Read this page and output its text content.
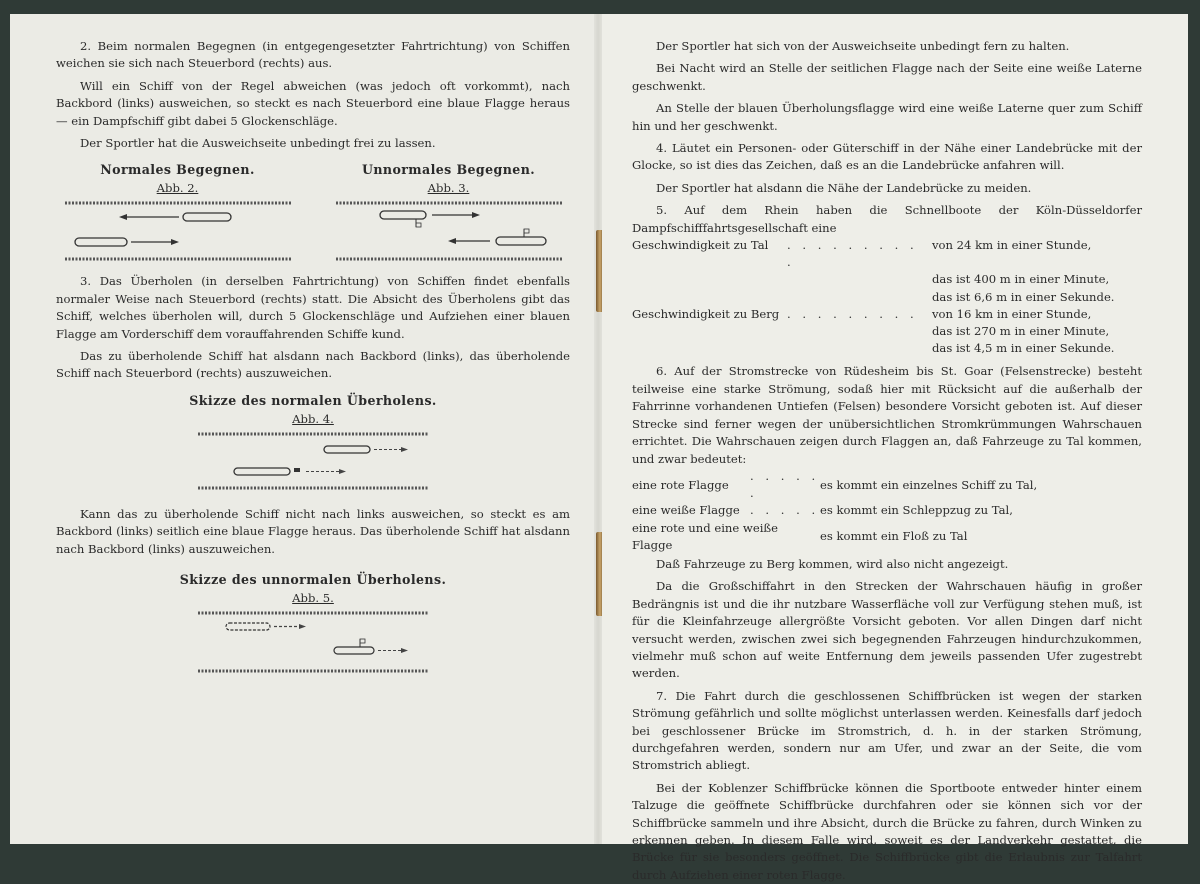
2. Beim normalen Begegnen (in entgegengesetzter Fahrtrichtung) von Schiffen weichen sie sich nach Steuerbord (rechts) aus.

Will ein Schiff von der Regel abweichen (was jedoch oft vorkommt), nach Backbord (links) ausweichen, so steckt es nach Steuerbord eine blaue Flagge heraus — ein Dampfschiff gibt dabei 5 Glockenschläge.

Der Sportler hat die Ausweichseite unbedingt frei zu lassen.

Normales Begegnen.
Abb. 2.
Unnormales Begegnen.
Abb. 3.

3. Das Überholen (in derselben Fahrtrichtung) von Schiffen findet ebenfalls normaler Weise nach Steuerbord (rechts) statt. Die Absicht des Überholens gibt das Schiff, welches überholen will, durch 5 Glockenschläge und Aufziehen einer blauen Flagge am Vorderschiff dem vorauffahrenden Schiffe kund.

Das zu überholende Schiff hat alsdann nach Backbord (links), das überholende Schiff nach Steuerbord (rechts) auszuweichen.

Skizze des normalen Überholens.
Abb. 4.

Kann das zu überholende Schiff nicht nach links ausweichen, so steckt es am Backbord (links) seitlich eine blaue Flagge heraus. Das überholende Schiff hat alsdann nach Backbord (links) auszuweichen.

Skizze des unnormalen Überholens.
Abb. 5.

Der Sportler hat sich von der Ausweichseite unbedingt fern zu halten.

Bei Nacht wird an Stelle der seitlichen Flagge nach der Seite eine weiße Laterne geschwenkt.

An Stelle der blauen Überholungsflagge wird eine weiße Laterne quer zum Schiff hin und her geschwenkt.

4. Läutet ein Personen- oder Güterschiff in der Nähe einer Landebrücke mit der Glocke, so ist dies das Zeichen, daß es an die Landebrücke anfahren will.

Der Sportler hat alsdann die Nähe der Landebrücke zu meiden.

5. Auf dem Rhein haben die Schnellboote der Köln-Düsseldorfer Dampfschifffahrtsgesellschaft eine

Geschwindigkeit zu Tal	. . . . . . . . . .	von 24 km in einer Stunde,
		das ist 400 m in einer Minute,
		das ist 6,6 m in einer Sekunde.
Geschwindigkeit zu Berg	. . . . . . . . .	von 16 km in einer Stunde,
		das ist 270 m in einer Minute,
		das ist 4,5 m in einer Sekunde.

6. Auf der Stromstrecke von Rüdesheim bis St. Goar (Felsenstrecke) besteht teilweise eine starke Strömung, sodaß hier mit Rücksicht auf die außerhalb der Fahrrinne vorhandenen Untiefen (Felsen) besondere Vorsicht geboten ist. Auf dieser Strecke sind ferner wegen der unübersichtlichen Stromkrümmungen Wahrschauen errichtet. Die Wahrschauen zeigen durch Flaggen an, daß Fahrzeuge zu Tal kommen, und zwar bedeutet:

eine rote Flagge	. . . . . .	es kommt ein einzelnes Schiff zu Tal,
eine weiße Flagge	. . . . .	es kommt ein Schleppzug zu Tal,
eine rote und eine weiße Flagge		es kommt ein Floß zu Tal

Daß Fahrzeuge zu Berg kommen, wird also nicht angezeigt.

Da die Großschiffahrt in den Strecken der Wahrschauen häufig in großer Bedrängnis ist und die ihr nutzbare Wasserfläche voll zur Verfügung stehen muß, ist für die Kleinfahrzeuge allergrößte Vorsicht geboten. Vor allen Dingen darf nicht versucht werden, zwischen zwei sich begegnenden Fahrzeugen hindurchzukommen, vielmehr muß schon auf weite Entfernung dem jeweils passenden Ufer zugestrebt werden.

7. Die Fahrt durch die geschlossenen Schiffbrücken ist wegen der starken Strömung gefährlich und sollte möglichst unterlassen werden. Keinesfalls darf jedoch bei geschlossener Brücke im Stromstrich, d. h. in der starken Strömung, durchgefahren werden, sondern nur am Ufer, und zwar an der Seite, die vom Stromstrich abliegt.

Bei der Koblenzer Schiffbrücke können die Sportboote entweder hinter einem Talzuge die geöffnete Schiffbrücke durchfahren oder sie können sich vor der Schiffbrücke sammeln und ihre Absicht, durch die Brücke zu fahren, durch Winken zu erkennen geben. In diesem Falle wird, soweit es der Landverkehr gestattet, die Brücke für sie besonders geöffnet. Die Schiffbrücke gibt die Erlaubnis zur Talfahrt durch Aufziehen einer roten Flagge.
